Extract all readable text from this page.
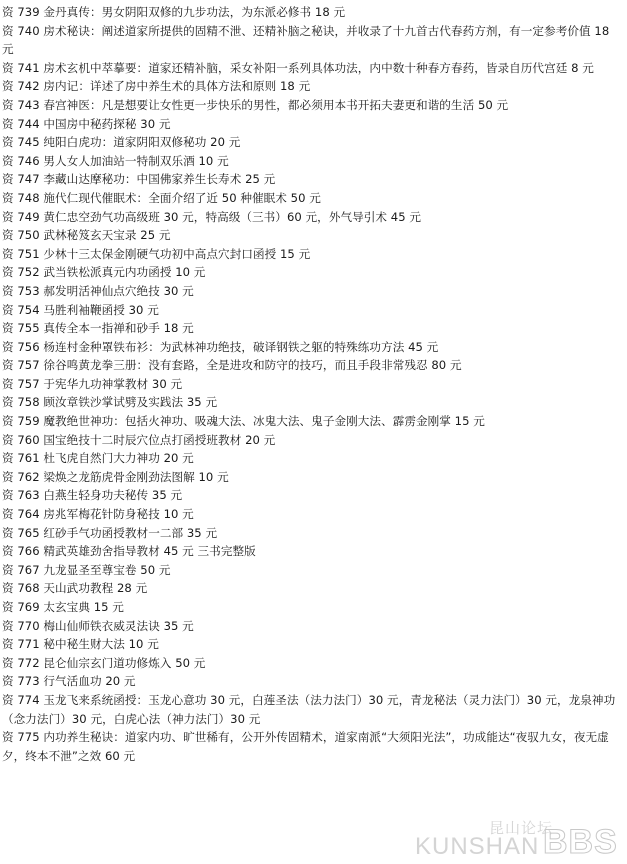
资 739 金丹真传：男女阴阳双修的九步功法，为东派必修书 18 元
资 740 房术秘诀：阐述道家所提供的固精不泄、还精补脑之秘诀，并收录了十九首古代春药方剂，有一定参考价值 18 元
资 741 房术玄机中萃摹要：道家还精补脑，采女补阳一系列具体功法，内中数十种春方春药，皆录自历代宫廷 8 元
资 742 房内记：详述了房中养生术的具体方法和原则 18 元
资 743 春宫神医：凡是想要让女性更一步快乐的男性，都必须用本书开拓夫妻更和谐的生活 50 元
资 744 中国房中秘药探秘 30 元
资 745 纯阳白虎功：道家阴阳双修秘功 20 元
资 746 男人女人加油站一特制双乐酒 10 元
资 747 李藏山达摩秘功：中国佛家养生长寿术 25 元
资 748 施代仁现代催眠术：全面介绍了近 50 种催眠术 50 元
资 749 黄仁忠空劲气功高级班 30 元，特高级（三书）60 元，外气导引术 45 元
资 750 武林秘笈玄天宝录 25 元
资 751 少林十三太保金刚硬气功初中高点穴封口函授 15 元
资 752 武当铁松派真元内功函授 10 元
资 753 郝发明活神仙点穴绝技 30 元
资 754 马胜利袖鞭函授 30 元
资 755 真传全本一指禅和砂手 18 元
资 756 杨连村金种罩铁布衫：为武林神功绝技，破译钢铁之躯的特殊练功方法 45 元
资 757 徐谷鸣黄龙拳三册：没有套路，全是进攻和防守的技巧，而且手段非常残忍 80 元
资 757 于宪华九功神掌教材 30 元
资 758 顾汝章铁沙掌试劈及实践法 35 元
资 759 魔教绝世神功：包括火神功、吸魂大法、冰鬼大法、鬼子金刚大法、霹雳金刚掌 15 元
资 760 国宝绝技十二时辰穴位点打函授班教材 20 元
资 761 杜飞虎自然门大力神功 20 元
资 762 梁焕之龙筋虎骨金刚劲法图解 10 元
资 763 白燕生轻身功夫秘传 35 元
资 764 房兆军梅花针防身秘技 10 元
资 765 红砂手气功函授教材一二部 35 元
资 766 精武英雄劲舍指导教材 45 元 三书完整版
资 767 九龙显圣至尊宝卷 50 元
资 768 天山武功教程 28 元
资 769 太玄宝典 15 元
资 770 梅山仙师铁衣威灵法诀 35 元
资 771 秘中秘生财大法 10 元
资 772 昆仑仙宗玄门道功修炼入 50 元
资 773 行气活血功 20 元
资 774 玉龙飞来系统函授：玉龙心意功 30 元，白莲圣法（法力法门）30 元，青龙秘法（灵力法门）30 元，龙泉神功（念力法门）30 元，白虎心法（神力法门）30 元
资 775 内功养生秘诀：道家内功、旷世稀有，公开外传固精术，道家南派“大须阳光法”，功成能达“夜驭九女，夜无虚夕，终本不泄”之效 60 元
昆山论坛
KUNSHAN BBS
